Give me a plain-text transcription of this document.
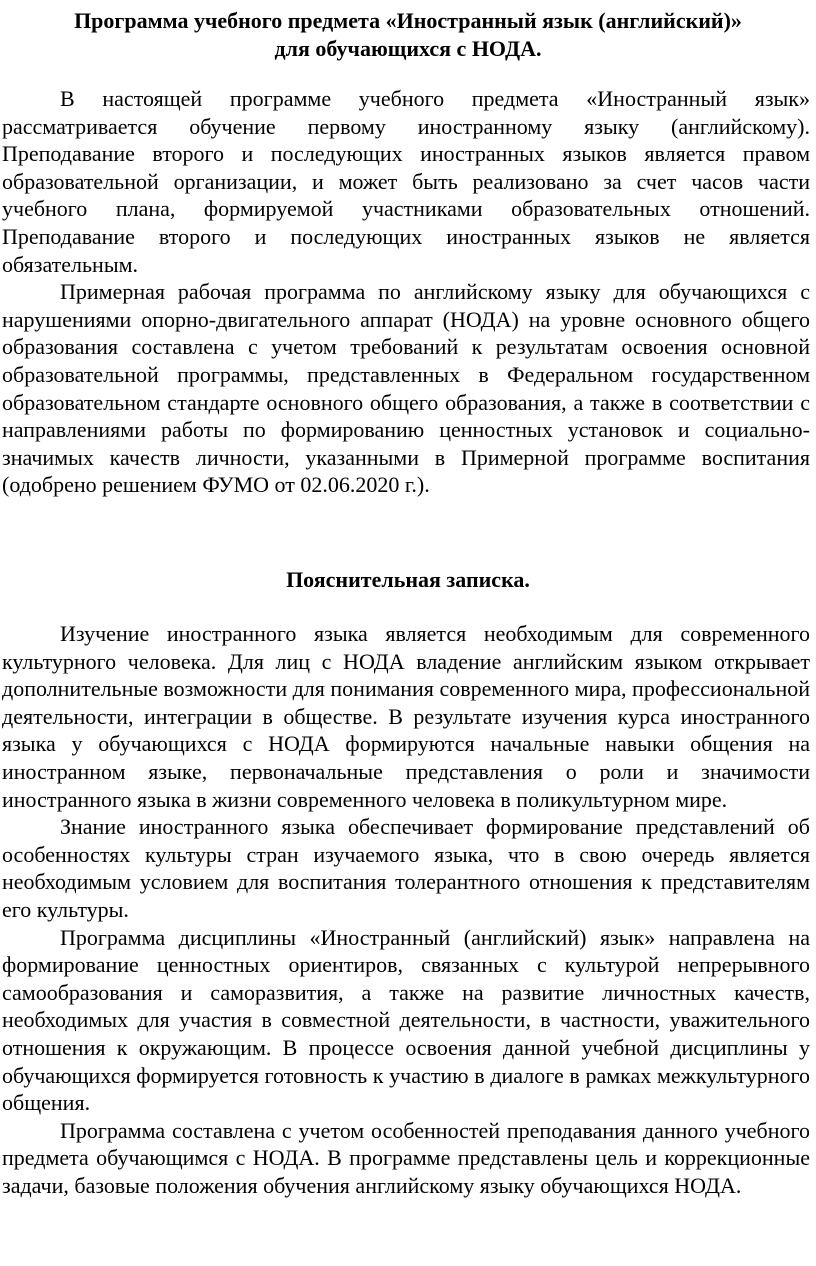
Программа учебного предмета «Иностранный язык (английский)»
для обучающихся с НОДА.

В настоящей программе учебного предмета «Иностранный язык» рассматривается обучение первому иностранному языку (английскому). Преподавание второго и последующих иностранных языков является правом образовательной организации, и может быть реализовано за счет часов части учебного плана, формируемой участниками образовательных отношений. Преподавание второго и последующих иностранных языков не является обязательным.

Примерная рабочая программа по английскому языку для обучающихся с нарушениями опорно-двигательного аппарат (НОДА) на уровне основного общего образования составлена с учетом требований к результатам освоения основной образовательной программы, представленных в Федеральном государственном образовательном стандарте основного общего образования, а также в соответствии с направлениями работы по формированию ценностных установок и социально-значимых качеств личности, указанными в Примерной программе воспитания (одобрено решением ФУМО от 02.06.2020 г.).

Пояснительная записка.

Изучение иностранного языка является необходимым для современного культурного человека. Для лиц с НОДА владение английским языком открывает дополнительные возможности для понимания современного мира, профессиональной деятельности, интеграции в обществе. В результате изучения курса иностранного языка у обучающихся с НОДА формируются начальные навыки общения на иностранном языке, первоначальные представления о роли и значимости иностранного языка в жизни современного человека в поликультурном мире.

Знание иностранного языка обеспечивает формирование представлений об особенностях культуры стран изучаемого языка, что в свою очередь является необходимым условием для воспитания толерантного отношения к представителям его культуры.

Программа дисциплины «Иностранный (английский) язык» направлена на формирование ценностных ориентиров, связанных с культурой непрерывного самообразования и саморазвития, а также на развитие личностных качеств, необходимых для участия в совместной деятельности, в частности, уважительного отношения к окружающим. В процессе освоения данной учебной дисциплины у обучающихся формируется готовность к участию в диалоге в рамках межкультурного общения.

Программа составлена с учетом особенностей преподавания данного учебного предмета обучающимся с НОДА. В программе представлены цель и коррекционные задачи, базовые положения обучения английскому языку обучающихся НОДА.
